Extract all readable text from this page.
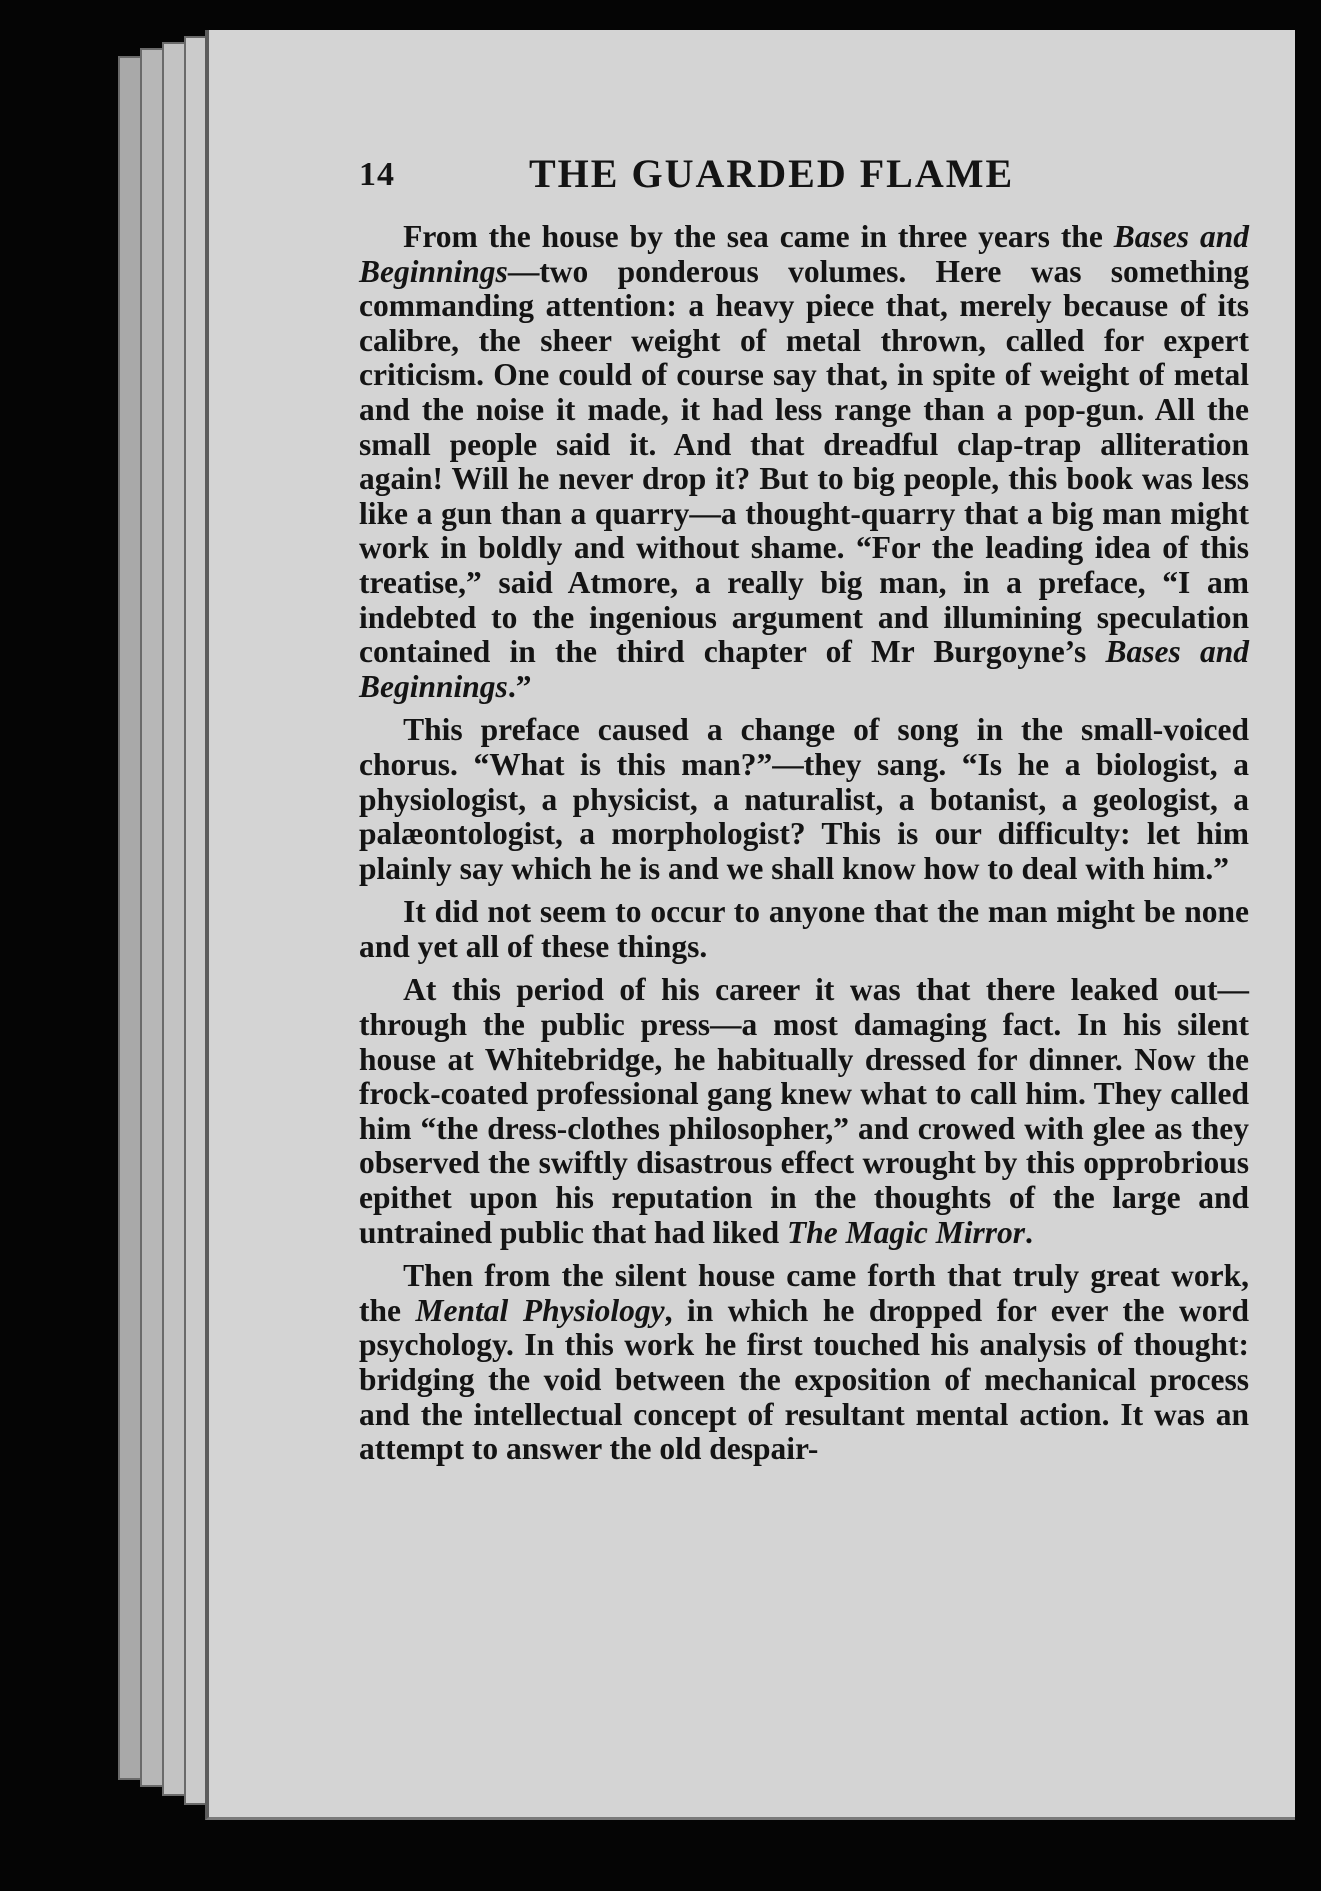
14	THE GUARDED FLAME

From the house by the sea came in three years the Bases and Beginnings—two ponderous volumes. Here was something commanding attention: a heavy piece that, merely because of its calibre, the sheer weight of metal thrown, called for expert criticism. One could of course say that, in spite of weight of metal and the noise it made, it had less range than a pop-gun. All the small people said it. And that dreadful clap-trap alliteration again! Will he never drop it? But to big people, this book was less like a gun than a quarry—a thought-quarry that a big man might work in boldly and without shame. “For the leading idea of this treatise,” said Atmore, a really big man, in a preface, “I am indebted to the ingenious argument and illumining speculation contained in the third chapter of Mr Burgoyne’s Bases and Beginnings.”

This preface caused a change of song in the small-voiced chorus. “What is this man?”—they sang. “Is he a biologist, a physiologist, a physicist, a naturalist, a botanist, a geologist, a palæontologist, a morphologist? This is our difficulty: let him plainly say which he is and we shall know how to deal with him.”

It did not seem to occur to anyone that the man might be none and yet all of these things.

At this period of his career it was that there leaked out—through the public press—a most damaging fact. In his silent house at Whitebridge, he habitually dressed for dinner. Now the frock-coated professional gang knew what to call him. They called him “the dress-clothes philosopher,” and crowed with glee as they observed the swiftly disastrous effect wrought by this opprobrious epithet upon his reputation in the thoughts of the large and untrained public that had liked The Magic Mirror.

Then from the silent house came forth that truly great work, the Mental Physiology, in which he dropped for ever the word psychology. In this work he first touched his analysis of thought: bridging the void between the exposition of mechanical process and the intellectual concept of resultant mental action. It was an attempt to answer the old despair-
